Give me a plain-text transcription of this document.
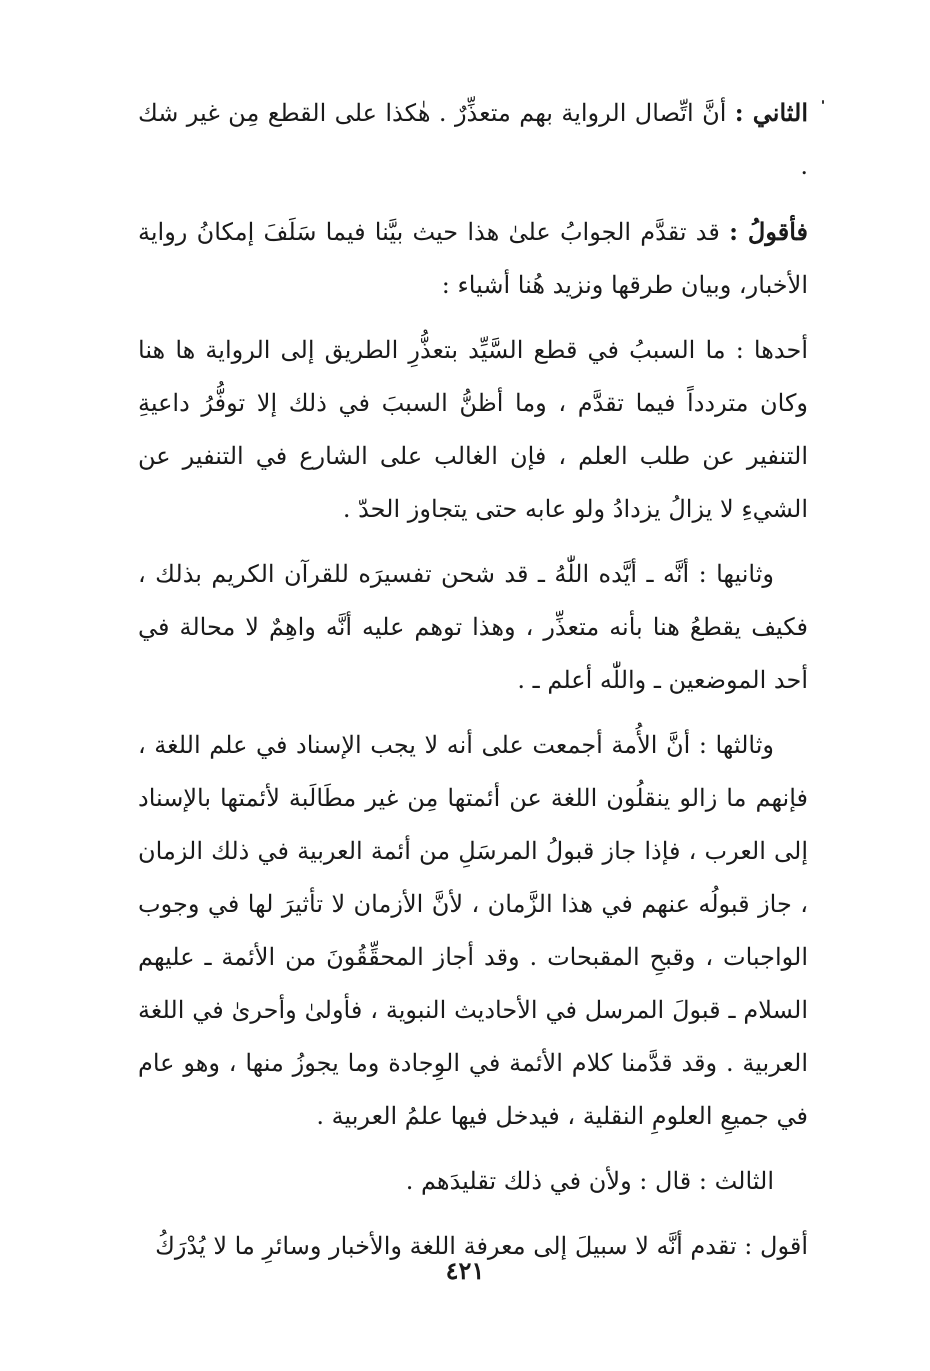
الثاني : أنَّ اتِّصال الرواية بهم متعذِّرٌ . هٰكذا على القطع مِن غير شك .

فأقولُ : قد تقدَّم الجوابُ علىٰ هذا حيث بيَّنا فيما سَلَفَ إمكانُ رواية الأخبار، وبيان طرقها ونزيد هُنا أشياء :

أحدها : ما السببُ في قطع السَّيِّد بتعذُّرِ الطريق إلى الرواية ها هنا وكان متردداً فيما تقدَّم ، وما أظنُّ السببَ في ذلك إلا توفُّرُ داعيةِ التنفير عن طلب العلم ، فإن الغالب على الشارع في التنفير عن الشيءِ لا يزالُ يزدادُ ولو عابه حتى يتجاوز الحدّ .

وثانيها : أنَّه ـ أيَّده اللّٰهُ ـ قد شحن تفسيرَه للقرآن الكريم بذلك ، فكيف يقطعُ هنا بأنه متعذِّر ، وهذا توهم عليه أنَّه واهِمٌ لا محالة في أحد الموضعين ـ واللّٰه أعلم ـ .

وثالثها : أنَّ الأُمة أجمعت على أنه لا يجب الإسناد في علم اللغة ، فإنهم ما زالو ينقلُون اللغة عن أئمتها مِن غير مطَالَبة لأئمتها بالإسناد إلى العرب ، فإذا جاز قبولُ المرسَلِ من أئمة العربية في ذلك الزمان ، جاز قبولُه عنهم في هذا الزَّمان ، لأنَّ الأزمان لا تأثيرَ لها في وجوب الواجبات ، وقبحِ المقبحات . وقد أجاز المحقِّقُونَ من الأئمة ـ عليهم السلام ـ قبولَ المرسل في الأحاديث النبوية ، فأولىٰ وأحرىٰ في اللغة العربية . وقد قدَّمنا كلام الأئمة في الوِجادة وما يجوزُ منها ، وهو عام في جميعِ العلومِ النقلية ، فيدخل فيها علمُ العربية .

الثالث : قال : ولأن في ذلك تقليدَهم .

أقول : تقدم أنَّه لا سبيلَ إلى معرفة اللغة والأخبار وسائرِ ما لا يُدْرَكُ

٤٢١
